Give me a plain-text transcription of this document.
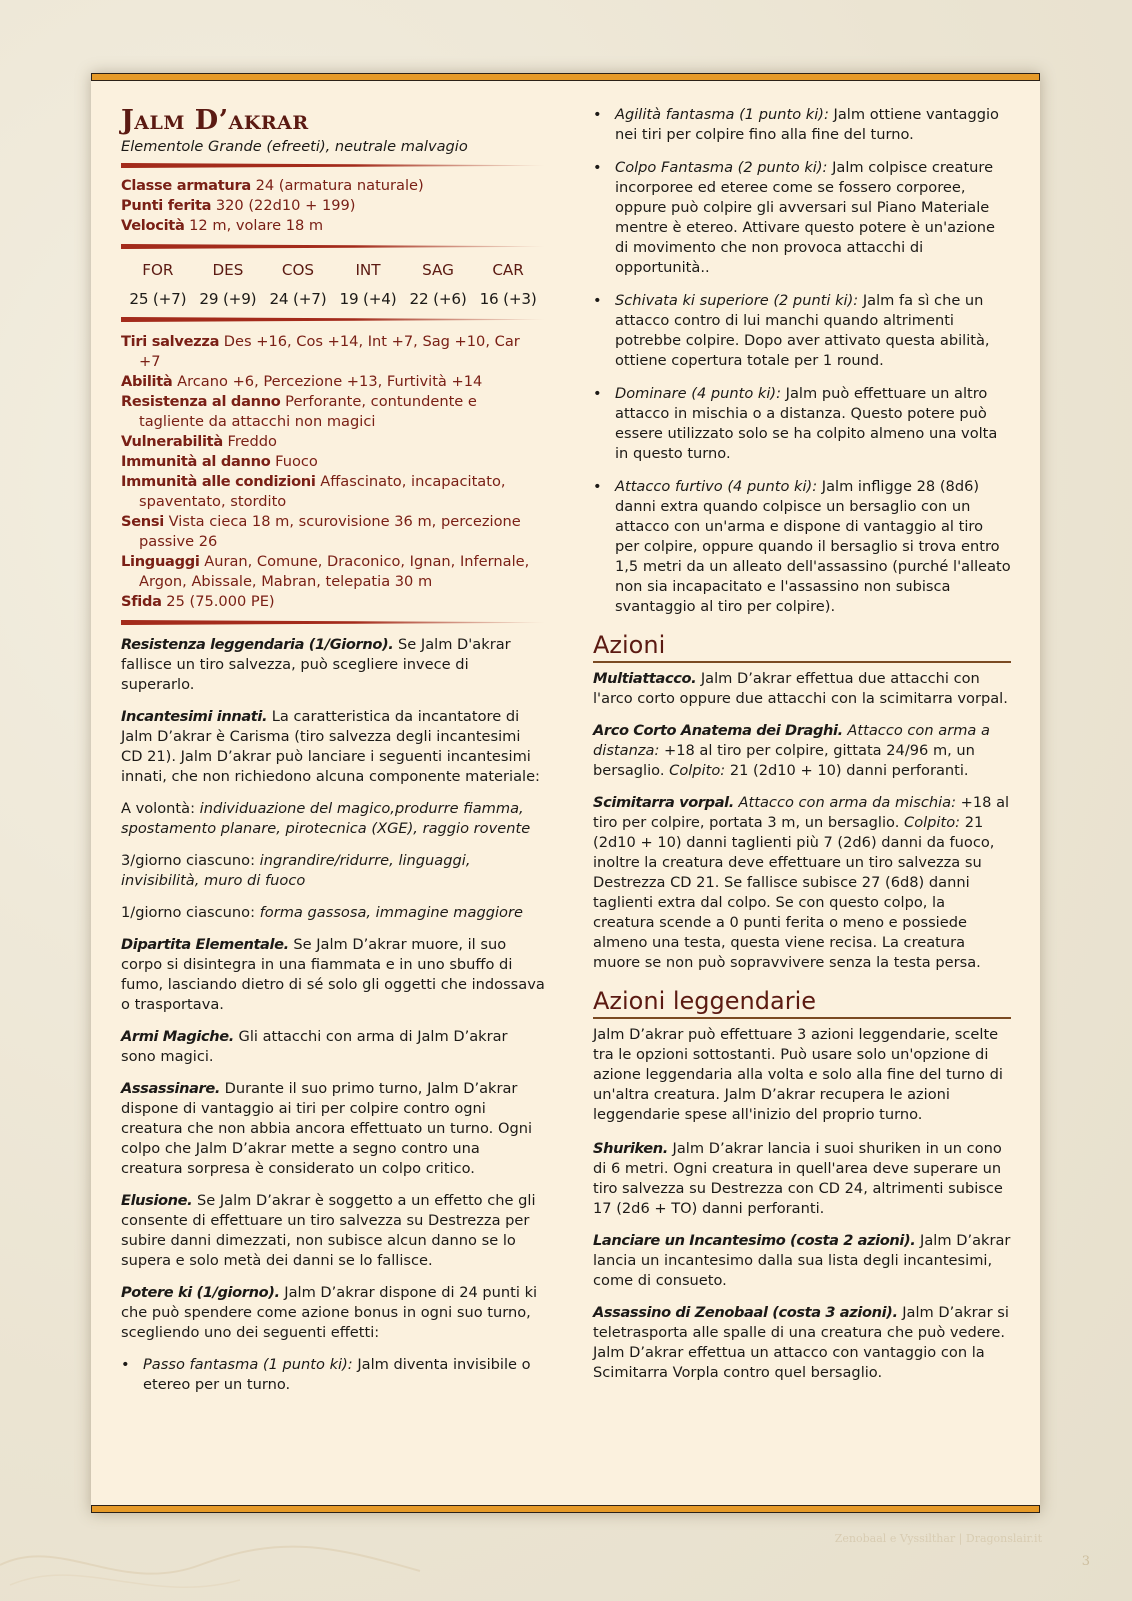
Jalm D’akrar
Elementole Grande (efreeti), neutrale malvagio

Classe armatura 24 (armatura naturale)

Punti ferita 320 (22d10 + 199)

Velocità 12 m, volare 18 m

FOR
25 (+7)
DES
29 (+9)
COS
24 (+7)
INT
19 (+4)
SAG
22 (+6)
CAR
16 (+3)

Tiri salvezza Des +16, Cos +14, Int +7, Sag +10, Car +7

Abilità Arcano +6, Percezione +13, Furtività +14

Resistenza al danno Perforante, contundente e tagliente da attacchi non magici

Vulnerabilità Freddo

Immunità al danno Fuoco

Immunità alle condizioni Affascinato, incapacitato, spaventato, stordito

Sensi Vista cieca 18 m, scurovisione 36 m, percezione passive 26

Linguaggi Auran, Comune, Draconico, Ignan, Infernale, Argon, Abissale, Mabran, telepatia 30 m

Sfida 25 (75.000 PE)

Resistenza leggendaria (1/Giorno). Se Jalm D'akrar fallisce un tiro salvezza, può scegliere invece di superarlo.

Incantesimi innati. La caratteristica da incantatore di Jalm D’akrar è Carisma (tiro salvezza degli incantesimi CD 21). Jalm D’akrar può lanciare i seguenti incantesimi innati, che non richiedono alcuna componente materiale:

A volontà: individuazione del magico,produrre fiamma, spostamento planare, pirotecnica (XGE), raggio rovente

3/giorno ciascuno: ingrandire/ridurre, linguaggi, invisibilità, muro di fuoco

1/giorno ciascuno: forma gassosa, immagine maggiore

Dipartita Elementale. Se Jalm D’akrar muore, il suo corpo si disintegra in una fiammata e in uno sbuffo di fumo, lasciando dietro di sé solo gli oggetti che indossava o trasportava.

Armi Magiche. Gli attacchi con arma di Jalm D’akrar sono magici.

Assassinare. Durante il suo primo turno, Jalm D’akrar dispone di vantaggio ai tiri per colpire contro ogni creatura che non abbia ancora effettuato un turno. Ogni colpo che Jalm D’akrar mette a segno contro una creatura sorpresa è considerato un colpo critico.

Elusione. Se Jalm D’akrar è soggetto a un effetto che gli consente di effettuare un tiro salvezza su Destrezza per subire danni dimezzati, non subisce alcun danno se lo supera e solo metà dei danni se lo fallisce.

Potere ki (1/giorno). Jalm D’akrar dispone di 24 punti ki che può spendere come azione bonus in ogni suo turno, scegliendo uno dei seguenti effetti:

• Passo fantasma (1 punto ki): Jalm diventa invisibile o etereo per un turno.
• Agilità fantasma (1 punto ki): Jalm ottiene vantaggio nei tiri per colpire fino alla fine del turno.
• Colpo Fantasma (2 punto ki): Jalm colpisce creature incorporee ed eteree come se fossero corporee, oppure può colpire gli avversari sul Piano Materiale mentre è etereo. Attivare questo potere è un'azione di movimento che non provoca attacchi di opportunità..
• Schivata ki superiore (2 punti ki): Jalm fa sì che un attacco contro di lui manchi quando altrimenti potrebbe colpire. Dopo aver attivato questa abilità, ottiene copertura totale per 1 round.
• Dominare (4 punto ki): Jalm può effettuare un altro attacco in mischia o a distanza. Questo potere può essere utilizzato solo se ha colpito almeno una volta in questo turno.
• Attacco furtivo (4 punto ki): Jalm infligge 28 (8d6) danni extra quando colpisce un bersaglio con un attacco con un'arma e dispone di vantaggio al tiro per colpire, oppure quando il bersaglio si trova entro 1,5 metri da un alleato dell'assassino (purché l'alleato non sia incapacitato e l'assassino non subisca svantaggio al tiro per colpire).
Azioni

Multiattacco. Jalm D’akrar effettua due attacchi con l'arco corto oppure due attacchi con la scimitarra vorpal.

Arco Corto Anatema dei Draghi. Attacco con arma a distanza: +18 al tiro per colpire, gittata 24/96 m, un bersaglio. Colpito: 21 (2d10 + 10) danni perforanti.

Scimitarra vorpal. Attacco con arma da mischia: +18 al tiro per colpire, portata 3 m, un bersaglio. Colpito: 21 (2d10 + 10) danni taglienti più 7 (2d6) danni da fuoco, inoltre la creatura deve effettuare un tiro salvezza su Destrezza CD 21. Se fallisce subisce 27 (6d8) danni taglienti extra dal colpo. Se con questo colpo, la creatura scende a 0 punti ferita o meno e possiede almeno una testa, questa viene recisa. La creatura muore se non può sopravvivere senza la testa persa.

Azioni leggendarie

Jalm D’akrar può effettuare 3 azioni leggendarie, scelte tra le opzioni sottostanti. Può usare solo un'opzione di azione leggendaria alla volta e solo alla fine del turno di un'altra creatura. Jalm D’akrar recupera le azioni leggendarie spese all'inizio del proprio turno.

Shuriken. Jalm D’akrar lancia i suoi shuriken in un cono di 6 metri. Ogni creatura in quell'area deve superare un tiro salvezza su Destrezza con CD 24, altrimenti subisce 17 (2d6 + TO) danni perforanti.

Lanciare un Incantesimo (costa 2 azioni). Jalm D’akrar lancia un incantesimo dalla sua lista degli incantesimi, come di consueto.

Assassino di Zenobaal (costa 3 azioni). Jalm D’akrar si teletrasporta alle spalle di una creatura che può vedere. Jalm D’akrar effettua un attacco con vantaggio con la Scimitarra Vorpla contro quel bersaglio.

Zenobaal e Vyssilthar | Dragonslair.it
3
